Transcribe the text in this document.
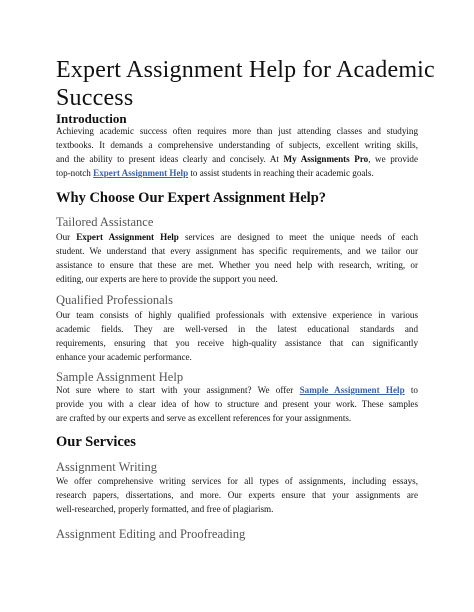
Expert Assignment Help for Academic
Success
Introduction
Achieving academic success often requires more than just attending classes and studying
textbooks. It demands a comprehensive understanding of subjects, excellent writing skills,
and the ability to present ideas clearly and concisely. At My Assignments Pro, we provide
top-notch Expert Assignment Help to assist students in reaching their academic goals.
Why Choose Our Expert Assignment Help?
Tailored Assistance
Our Expert Assignment Help services are designed to meet the unique needs of each
student. We understand that every assignment has specific requirements, and we tailor our
assistance to ensure that these are met. Whether you need help with research, writing, or
editing, our experts are here to provide the support you need.
Qualified Professionals
Our team consists of highly qualified professionals with extensive experience in various
academic fields. They are well-versed in the latest educational standards and
requirements, ensuring that you receive high-quality assistance that can significantly
enhance your academic performance.
Sample Assignment Help
Not sure where to start with your assignment? We offer Sample Assignment Help to
provide you with a clear idea of how to structure and present your work. These samples
are crafted by our experts and serve as excellent references for your assignments.
Our Services
Assignment Writing
We offer comprehensive writing services for all types of assignments, including essays,
research papers, dissertations, and more. Our experts ensure that your assignments are
well-researched, properly formatted, and free of plagiarism.
Assignment Editing and Proofreading
